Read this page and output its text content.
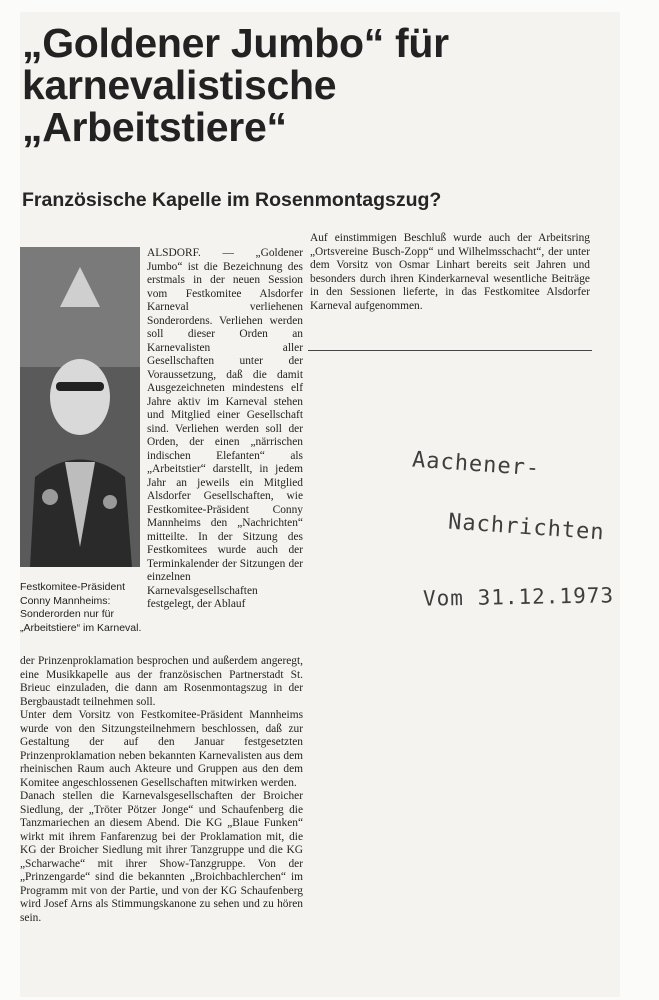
„Goldener Jumbo“ für
karnevalistische
„Arbeitstiere“
Französische Kapelle im Rosenmontagszug?
Festkomitee-Präsident Conny Mannheims: Sonderorden nur für „Arbeitstiere“ im Karneval.

ALSDORF. — „Goldener Jumbo“ ist die Bezeichnung des erstmals in der neuen Session vom Festkomitee Alsdorfer Karneval verliehenen Sonderordens. Verliehen werden soll dieser Orden an Karnevalisten aller Gesellschaften unter der Voraussetzung, daß die damit Ausgezeichneten mindestens elf Jahre aktiv im Karneval stehen und Mitglied einer Gesellschaft sind. Verliehen werden soll der Orden, der einen „närrischen indischen Elefanten“ als „Arbeitstier“ darstellt, in jedem Jahr an jeweils ein Mitglied Alsdorfer Gesellschaften, wie Festkomitee-Präsident Conny Mannheims den „Nachrichten“ mitteilte. In der Sitzung des Festkomitees wurde auch der Terminkalender der Sitzungen der einzelnen Karnevalsgesellschaften festgelegt, der Ablauf

der Prinzenproklamation besprochen und außerdem angeregt, eine Musikkapelle aus der französischen Partnerstadt St. Brieuc einzuladen, die dann am Rosenmontagszug in der Bergbaustadt teilnehmen soll.

Unter dem Vorsitz von Festkomitee-Präsident Mannheims wurde von den Sitzungsteilnehmern beschlossen, daß zur Gestaltung der auf den Januar festgesetzten Prinzenproklamation neben bekannten Karnevalisten aus dem rheinischen Raum auch Akteure und Gruppen aus den dem Komitee angeschlossenen Gesellschaften mitwirken werden.

Danach stellen die Karnevalsgesellschaften der Broicher Siedlung, der „Tröter Pötzer Jonge“ und Schaufenberg die Tanzmariechen an diesem Abend. Die KG „Blaue Funken“ wirkt mit ihrem Fanfarenzug bei der Proklamation mit, die KG der Broicher Siedlung mit ihrer Tanzgruppe und die KG „Scharwache“ mit ihrer Show-Tanzgruppe. Von der „Prinzengarde“ sind die bekannten „Broichbachlerchen“ im Programm mit von der Partie, und von der KG Schaufenberg wird Josef Arns als Stimmungskanone zu sehen und zu hören sein.

Auf einstimmigen Beschluß wurde auch der Arbeitsring „Ortsvereine Busch-Zopp“ und Wilhelmsschacht“, der unter dem Vorsitz von Osmar Linhart bereits seit Jahren und besonders durch ihren Kinderkarneval wesentliche Beiträge in den Sessionen lieferte, in das Festkomitee Alsdorfer Karneval aufgenommen.

Aachener-
Nachrichten
Vom 31.12.1973
